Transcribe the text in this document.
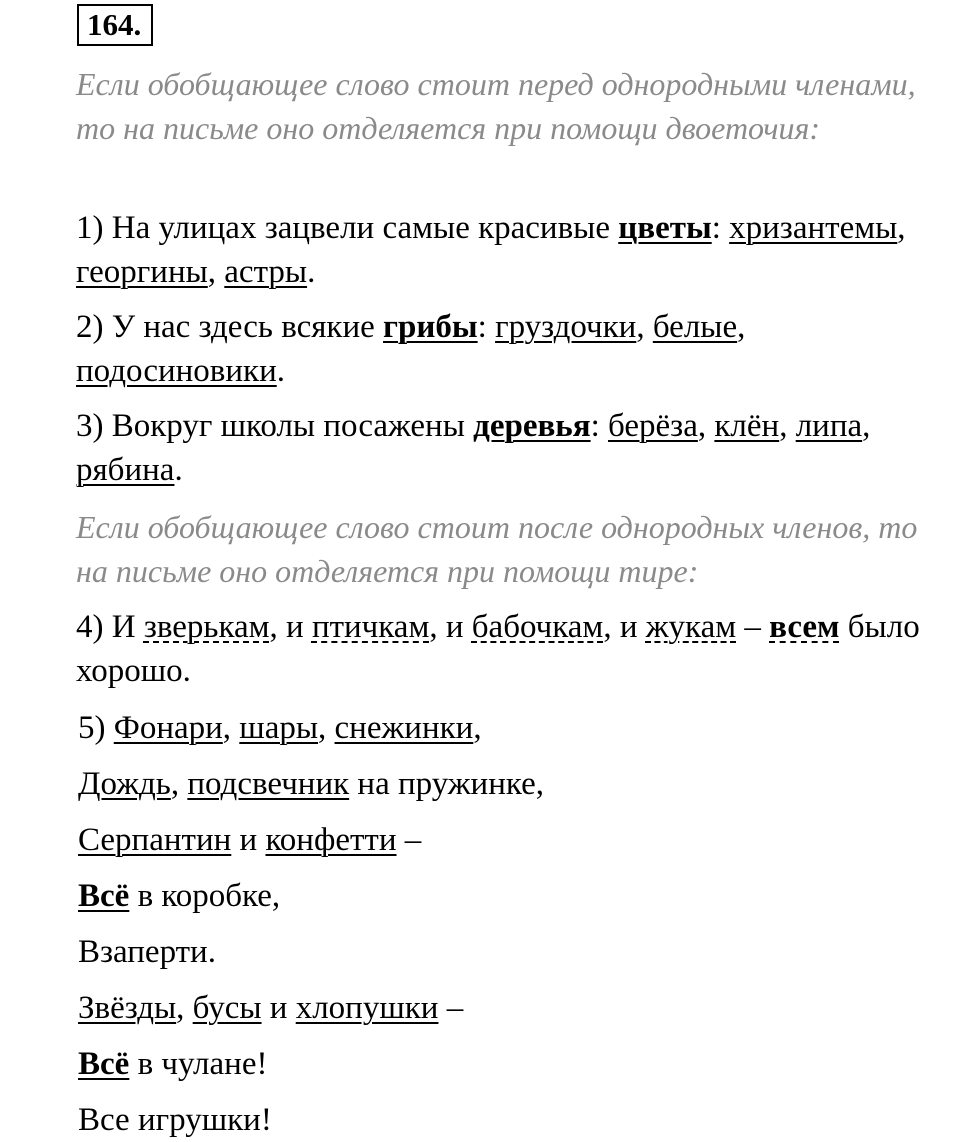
164.
Если обобщающее слово стоит перед однородными членами, то на письме оно отделяется при помощи двоеточия:
1) На улицах зацвели самые красивые цветы: хризантемы, георгины, астры.
2) У нас здесь всякие грибы: груздочки, белые, подосиновики.
3) Вокруг школы посажены деревья: берёза, клён, липа, рябина.
Если обобщающее слово стоит после однородных членов, то на письме оно отделяется при помощи тире:
4) И зверькам, и птичкам, и бабочкам, и жукам – всем было хорошо.
5) Фонари, шары, снежинки,
Дождь, подсвечник на пружинке,
Серпантин и конфетти –
Всё в коробке,
Взаперти.
Звёзды, бусы и хлопушки –
Всё в чулане!
Все игрушки!
